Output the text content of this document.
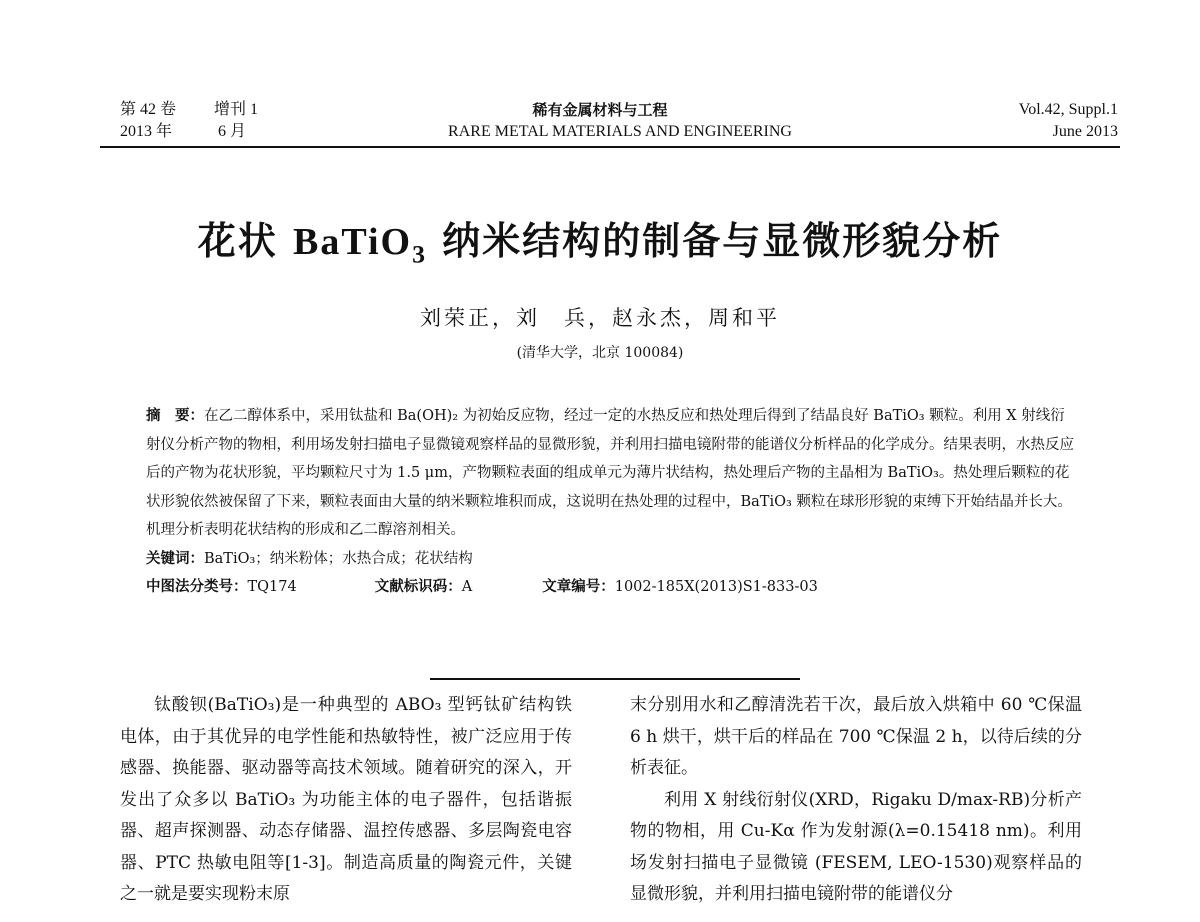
第 42 卷 增刊 1
2013 年	6 月
稀有金属材料与工程
RARE METAL MATERIALS AND ENGINEERING
Vol.42, Suppl.1
June 2013
花状 BaTiO$_3$ 纳米结构的制备与显微形貌分析
刘荣正，刘　兵，赵永杰，周和平
(清华大学，北京 100084)

摘　要：在乙二醇体系中，采用钛盐和 Ba(OH)₂ 为初始反应物，经过一定的水热反应和热处理后得到了结晶良好 BaTiO₃ 颗粒。利用 X 射线衍射仪分析产物的物相，利用场发射扫描电子显微镜观察样品的显微形貌，并利用扫描电镜附带的能谱仪分析样品的化学成分。结果表明，水热反应后的产物为花状形貌，平均颗粒尺寸为 1.5 μm，产物颗粒表面的组成单元为薄片状结构，热处理后产物的主晶相为 BaTiO₃。热处理后颗粒的花状形貌依然被保留了下来，颗粒表面由大量的纳米颗粒堆积而成，这说明在热处理的过程中，BaTiO₃ 颗粒在球形形貌的束缚下开始结晶并长大。机理分析表明花状结构的形成和乙二醇溶剂相关。

关键词：BaTiO₃；纳米粉体；水热合成；花状结构

中图法分类号：TQ174	文献标识码：A	文章编号：1002-185X(2013)S1-833-03

钛酸钡(BaTiO₃)是一种典型的 ABO₃ 型钙钛矿结构铁电体，由于其优异的电学性能和热敏特性，被广泛应用于传感器、换能器、驱动器等高技术领域。随着研究的深入，开发出了众多以 BaTiO₃ 为功能主体的电子器件，包括谐振器、超声探测器、动态存储器、温控传感器、多层陶瓷电容器、PTC 热敏电阻等[1-3]。制造高质量的陶瓷元件，关键之一就是要实现粉末原

末分别用水和乙醇清洗若干次，最后放入烘箱中 60 ℃保温 6 h 烘干，烘干后的样品在 700 ℃保温 2 h，以待后续的分析表征。

利用 X 射线衍射仪(XRD，Rigaku D/max-RB)分析产物的物相，用 Cu-Kα 作为发射源(λ=0.15418 nm)。利用场发射扫描电子显微镜 (FESEM, LEO-1530)观察样品的显微形貌，并利用扫描电镜附带的能谱仪分
